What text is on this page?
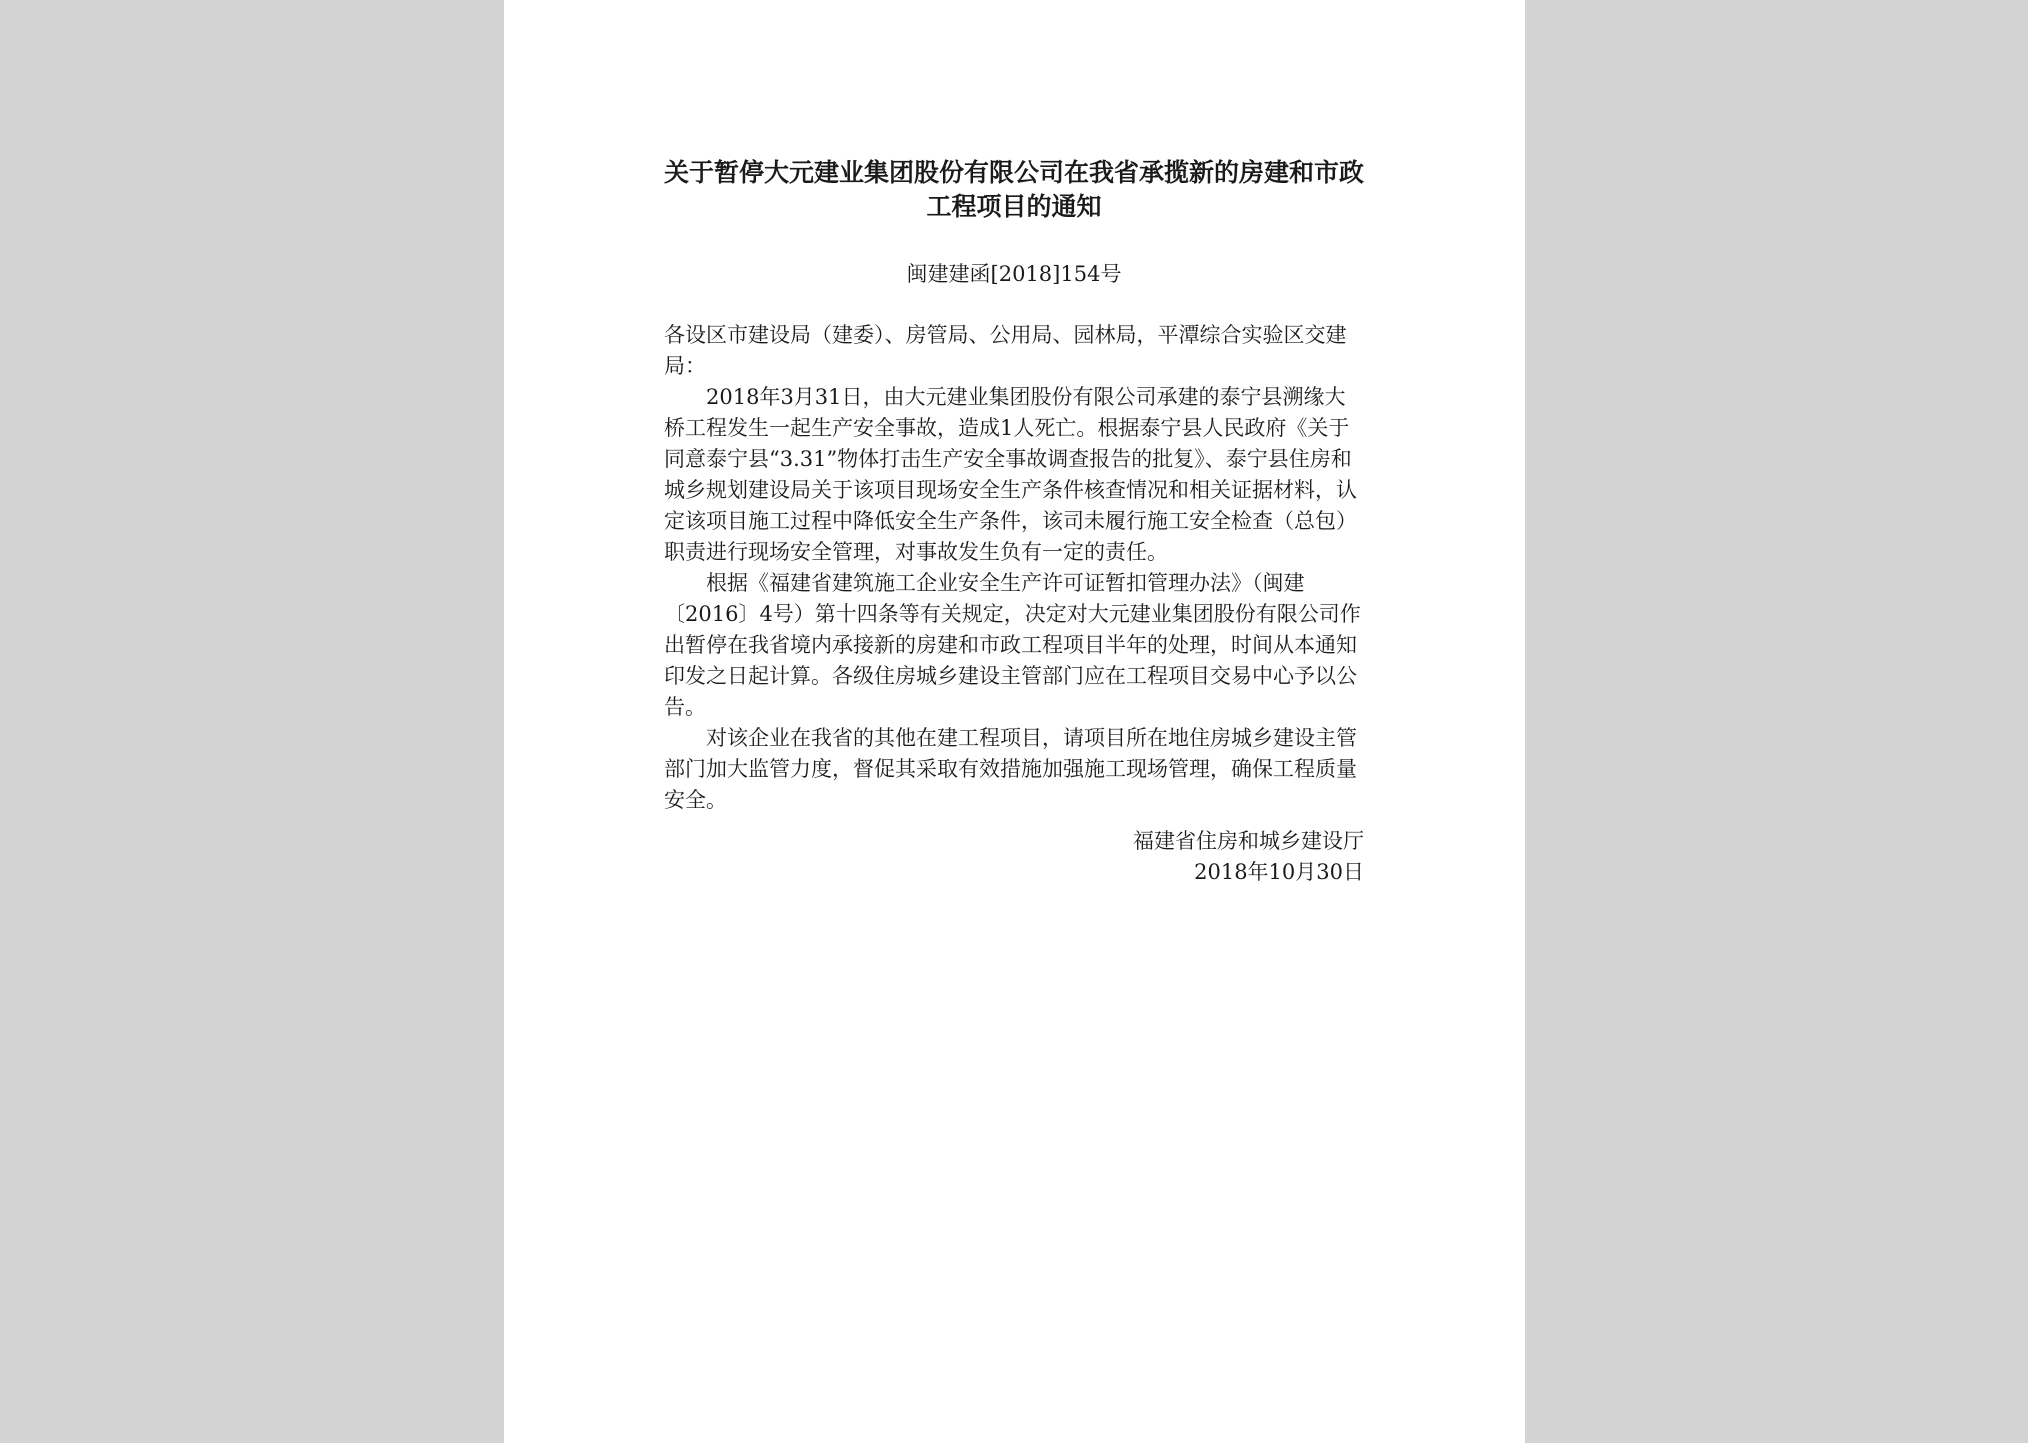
关于暂停大元建业集团股份有限公司在我省承揽新的房建和市政工程项目的通知
闽建建函[2018]154号

各设区市建设局（建委）、房管局、公用局、园林局，平潭综合实验区交建局：

2018年3月31日，由大元建业集团股份有限公司承建的泰宁县溯缘大桥工程发生一起生产安全事故，造成1人死亡。根据泰宁县人民政府《关于同意泰宁县“3.31”物体打击生产安全事故调查报告的批复》、泰宁县住房和城乡规划建设局关于该项目现场安全生产条件核查情况和相关证据材料，认定该项目施工过程中降低安全生产条件，该司未履行施工安全检查（总包）职责进行现场安全管理，对事故发生负有一定的责任。

根据《福建省建筑施工企业安全生产许可证暂扣管理办法》（闽建〔2016〕4号）第十四条等有关规定，决定对大元建业集团股份有限公司作出暂停在我省境内承接新的房建和市政工程项目半年的处理，时间从本通知印发之日起计算。各级住房城乡建设主管部门应在工程项目交易中心予以公告。

对该企业在我省的其他在建工程项目，请项目所在地住房城乡建设主管部门加大监管力度，督促其采取有效措施加强施工现场管理，确保工程质量安全。

福建省住房和城乡建设厅
2018年10月30日
